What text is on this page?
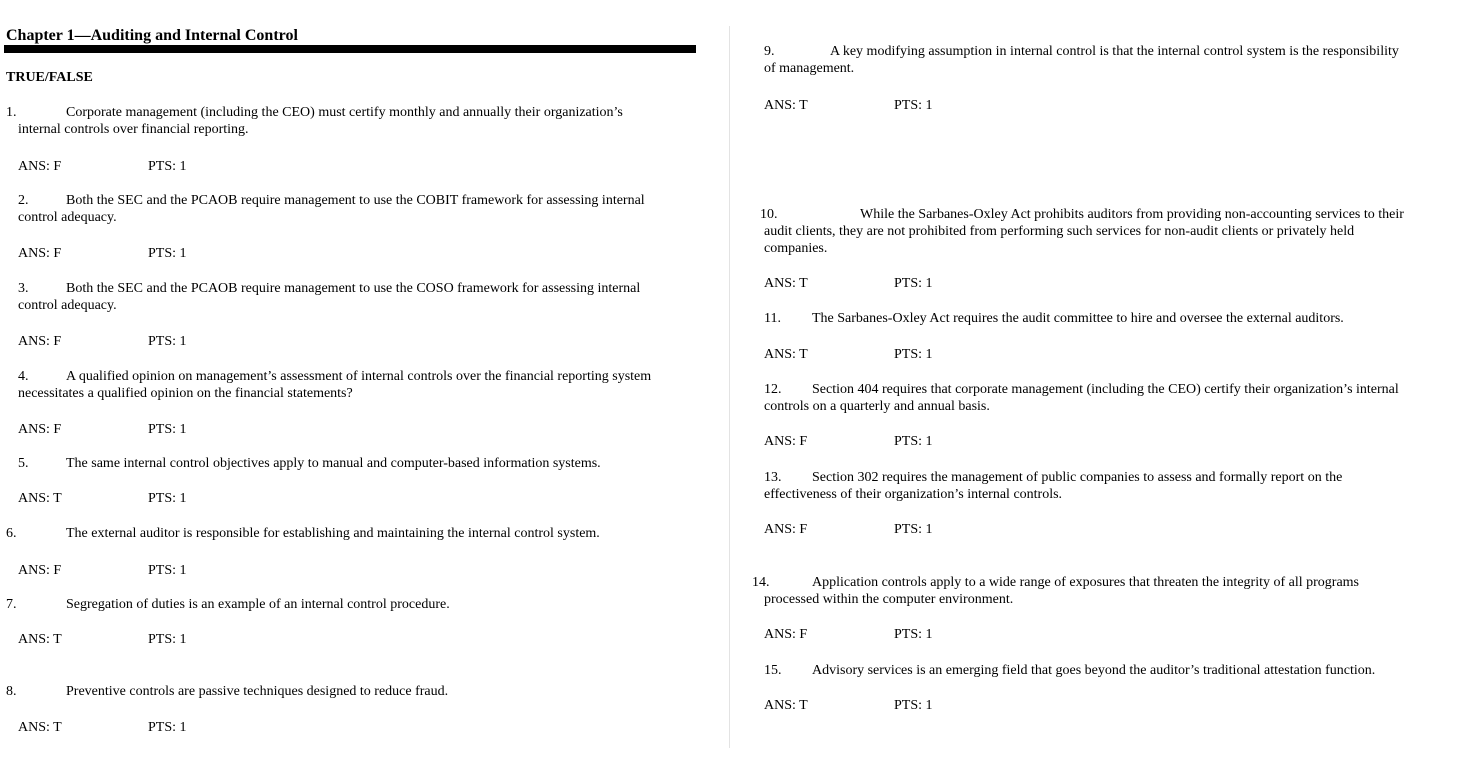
Chapter 1—Auditing and Internal Control
TRUE/FALSE
1.	Corporate management (including the CEO) must certify monthly and annually their organization’s
internal controls over financial reporting.
ANS: F	PTS: 1
2.	Both the SEC and the PCAOB require management to use the COBIT framework for assessing internal
control adequacy.
ANS: F	PTS: 1
3.	Both the SEC and the PCAOB require management to use the COSO framework for assessing internal
control adequacy.
ANS: F	PTS: 1
4.	A qualified opinion on management’s assessment of internal controls over the financial reporting system
necessitates a qualified opinion on the financial statements?
ANS: F	PTS: 1
5.	The same internal control objectives apply to manual and computer-based information systems.
ANS: T	PTS: 1
6.	The external auditor is responsible for establishing and maintaining the internal control system.
ANS: F	PTS: 1
7.	Segregation of duties is an example of an internal control procedure.
ANS: T	PTS: 1
8.	Preventive controls are passive techniques designed to reduce fraud.
ANS: T	PTS: 1
9.	A key modifying assumption in internal control is that the internal control system is the responsibility
of management.
ANS: T	PTS: 1
10.	While the Sarbanes-Oxley Act prohibits auditors from providing non-accounting services to their
audit clients, they are not prohibited from performing such services for non-audit clients or privately held
companies.
ANS: T	PTS: 1
11. The Sarbanes-Oxley Act requires the audit committee to hire and oversee the external auditors.
ANS: T	PTS: 1
12. Section 404 requires that corporate management (including the CEO) certify their organization’s internal
controls on a quarterly and annual basis.
ANS: F	PTS: 1
13. Section 302 requires the management of public companies to assess and formally report on the
effectiveness of their organization’s internal controls.
ANS: F	PTS: 1
14.	Application controls apply to a wide range of exposures that threaten the integrity of all programs
processed within the computer environment.
ANS: F	PTS: 1
15. Advisory services is an emerging field that goes beyond the auditor’s traditional attestation function.
ANS: T	PTS: 1
